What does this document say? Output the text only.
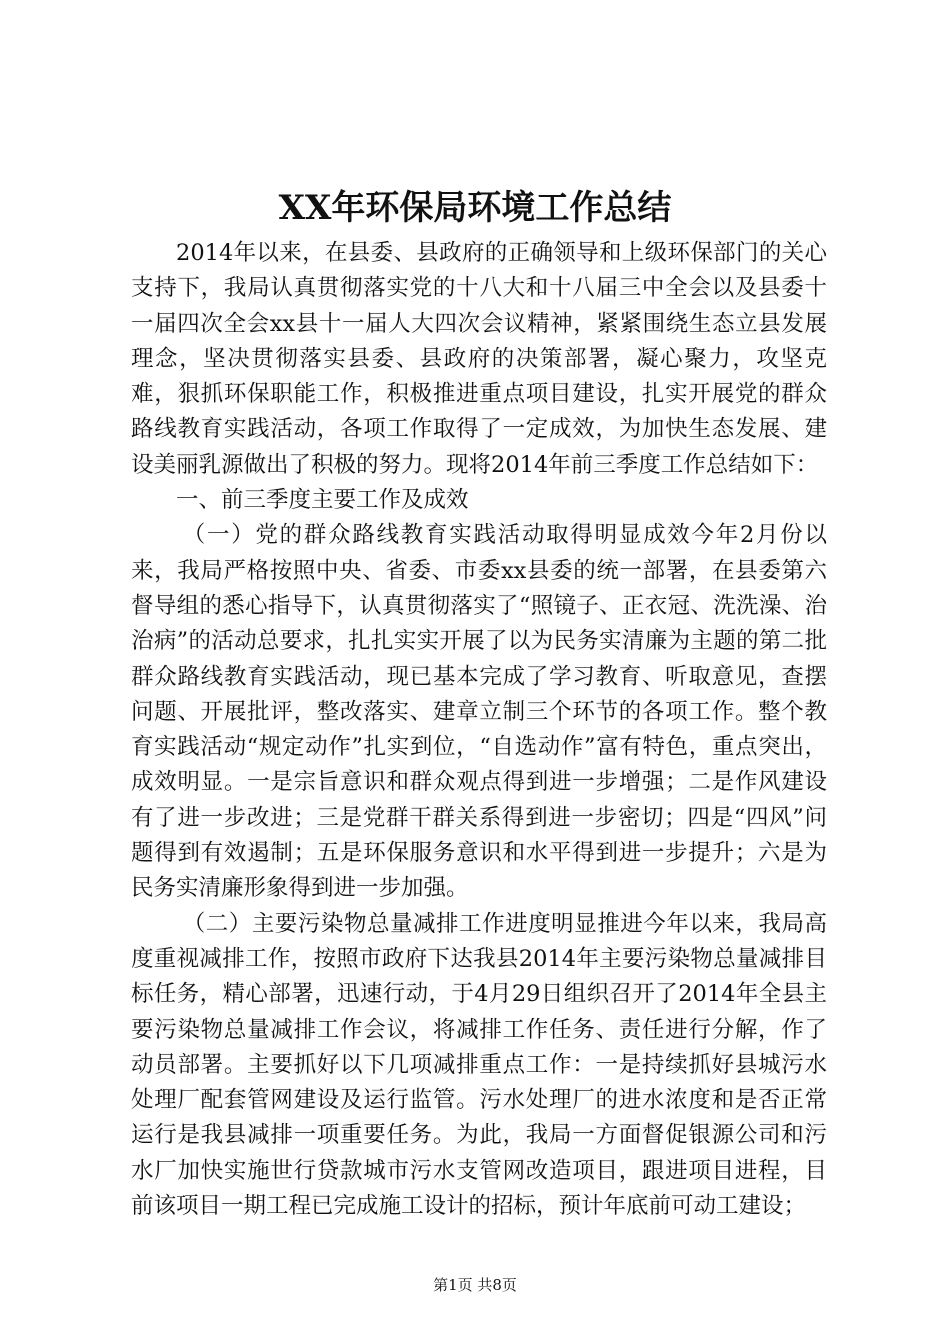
XX年环保局环境工作总结

2014年以来，在县委、县政府的正确领导和上级环保部门的关心支持下，我局认真贯彻落实党的十八大和十八届三中全会以及县委十一届四次全会xx县十一届人大四次会议精神，紧紧围绕生态立县发展理念，坚决贯彻落实县委、县政府的决策部署，凝心聚力，攻坚克难，狠抓环保职能工作，积极推进重点项目建设，扎实开展党的群众路线教育实践活动，各项工作取得了一定成效，为加快生态发展、建设美丽乳源做出了积极的努力。现将2014年前三季度工作总结如下：

一、前三季度主要工作及成效

（一）党的群众路线教育实践活动取得明显成效今年2月份以来，我局严格按照中央、省委、市委xx县委的统一部署，在县委第六督导组的悉心指导下，认真贯彻落实了“照镜子、正衣冠、洗洗澡、治治病”的活动总要求，扎扎实实开展了以为民务实清廉为主题的第二批群众路线教育实践活动，现已基本完成了学习教育、听取意见，查摆问题、开展批评，整改落实、建章立制三个环节的各项工作。整个教育实践活动“规定动作”扎实到位，“自选动作”富有特色，重点突出，成效明显。一是宗旨意识和群众观点得到进一步增强；二是作风建设有了进一步改进；三是党群干群关系得到进一步密切；四是“四风”问题得到有效遏制；五是环保服务意识和水平得到进一步提升；六是为民务实清廉形象得到进一步加强。

（二）主要污染物总量减排工作进度明显推进今年以来，我局高度重视减排工作，按照市政府下达我县2014年主要污染物总量减排目标任务，精心部署，迅速行动，于4月29日组织召开了2014年全县主要污染物总量减排工作会议，将减排工作任务、责任进行分解，作了动员部署。主要抓好以下几项减排重点工作：一是持续抓好县城污水处理厂配套管网建设及运行监管。污水处理厂的进水浓度和是否正常运行是我县减排一项重要任务。为此，我局一方面督促银源公司和污水厂加快实施世行贷款城市污水支管网改造项目，跟进项目进程，目前该项目一期工程已完成施工设计的招标，预计年底前可动工建设；

第1页 共8页
